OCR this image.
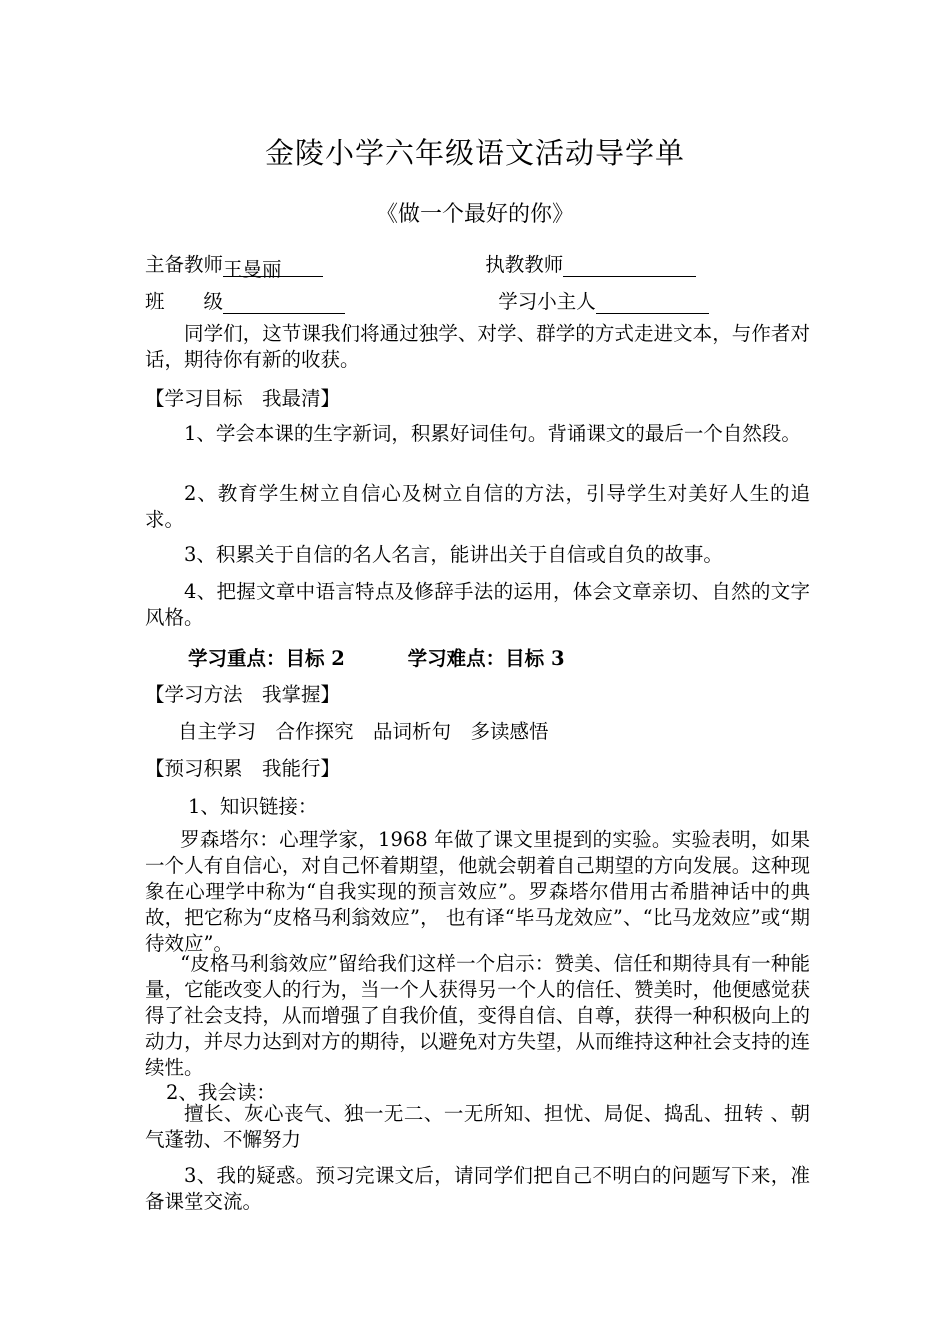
金陵小学六年级语文活动导学单
《做一个最好的你》
主备教师王曼丽	执教教师
班　　级	学习小主人
同学们，这节课我们将通过独学、对学、群学的方式走进文本，与作者对话，期待你有新的收获。
【学习目标　我最清】
1、学会本课的生字新词，积累好词佳句。背诵课文的最后一个自然段。
2、教育学生树立自信心及树立自信的方法，引导学生对美好人生的追求。
3、积累关于自信的名人名言，能讲出关于自信或自负的故事。
4、把握文章中语言特点及修辞手法的运用，体会文章亲切、自然的文字风格。
学习重点：目标 2	学习难点：目标 3
【学习方法　我掌握】
自主学习　合作探究　品词析句　多读感悟
【预习积累　我能行】
1、知识链接：
罗森塔尔：心理学家，1968 年做了课文里提到的实验。实验表明，如果一个人有自信心，对自己怀着期望，他就会朝着自己期望的方向发展。这种现象在心理学中称为“自我实现的预言效应”。罗森塔尔借用古希腊神话中的典故，把它称为“皮格马利翁效应”， 也有译“毕马龙效应”、“比马龙效应”或“期待效应”。
“皮格马利翁效应”留给我们这样一个启示：赞美、信任和期待具有一种能量，它能改变人的行为，当一个人获得另一个人的信任、赞美时，他便感觉获得了社会支持，从而增强了自我价值，变得自信、自尊，获得一种积极向上的动力，并尽力达到对方的期待，以避免对方失望，从而维持这种社会支持的连续性。
2、我会读：
擅长、灰心丧气、独一无二、一无所知、担忧、局促、捣乱、扭转 、朝气蓬勃、不懈努力
3、我的疑惑。预习完课文后，请同学们把自己不明白的问题写下来，准备课堂交流。
